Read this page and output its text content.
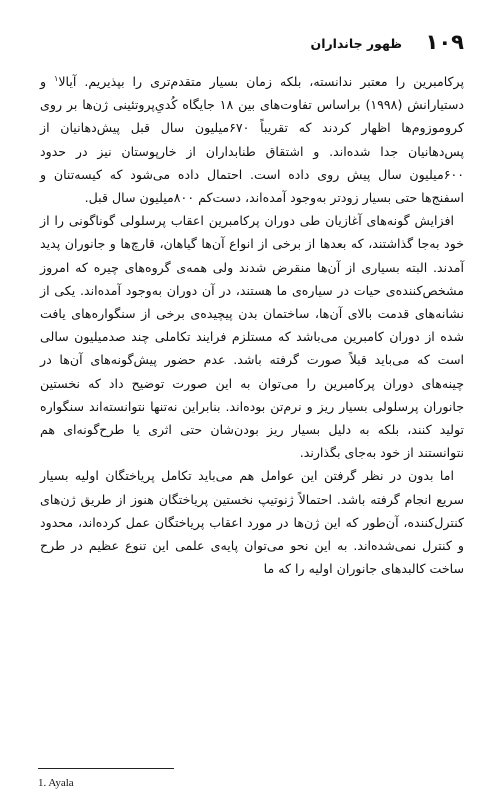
۱۰۹
ظهور جانداران

پرکامبرین را معتبر ندانسته، بلکه زمان بسیار متقدم‌تری را بپذیریم. آیالا$^۱$ و دستیارانش (۱۹۹۸) براساس تفاوت‌های بین ۱۸ جایگاه کُدی‌ِپروتئینی ژن‌ها بر روی کروموزوم‌ها اظهار کردند که تقریباً ۶۷۰میلیون سال قبل پیش‌دهانیان از پس‌دهانیان جدا شده‌اند. و اشتقاق طنابداران از خارپوستان نیز در حدود ۶۰۰میلیون سال پیش روی داده است. احتمال داده می‌شود که کیسه‌تنان و اسفنج‌ها حتی بسیار زودتر به‌وجود آمده‌اند، دست‌کم ۸۰۰میلیون سال قبل.

افزایش گونه‌های آغازیان طی دوران پرکامبرین اعقاب پرسلولی گوناگونی را از خود به‌جا گذاشتند، که بعدها از برخی از انواع آن‌ها گیاهان، قارچ‌ها و جانوران پدید آمدند. البته بسیاری از آن‌ها منقرض شدند ولی همه‌ی گروه‌های چیره که امروز مشخص‌کننده‌ی حیات در سیاره‌ی ما هستند، در آن دوران به‌وجود آمده‌اند. یکی از نشانه‌های قدمت بالای آن‌ها، ساختمان بدن پیچیده‌ی برخی از سنگواره‌های یافت شده از دوران کامبرین می‌باشد که مستلزم فرایند تکاملی چند صدمیلیون سالی است که می‌باید قبلاً صورت گرفته باشد. عدم حضور پیش‌گونه‌های آن‌ها در چینه‌های دوران پرکامبرین را می‌توان به این صورت توضیح داد که نخستین جانوران پرسلولی بسیار ریز و نرم‌تن بوده‌اند. بنابراین نه‌تنها نتوانسته‌اند سنگواره تولید کنند، بلکه به دلیل بسیار ریز بودن‌شان حتی اثری یا طرح‌گونه‌ای هم نتوانستند از خود به‌جای بگذارند.

اما بدون در نظر گرفتن این عوامل هم می‌باید تکامل پریاختگان اولیه بسیار سریع انجام گرفته باشد. احتمالاً ژنوتیپ نخستین پریاختگان هنوز از طریق ژن‌های کنترل‌کننده، آن‌طور که این ژن‌ها در مورد اعقاب پریاختگان عمل کرده‌اند، محدود و کنترل نمی‌شده‌اند. به این نحو می‌توان پایه‌ی علمی این تنوع عظیم در طرح ساخت کالبدهای جانوران اولیه را که ما

1. Ayala
